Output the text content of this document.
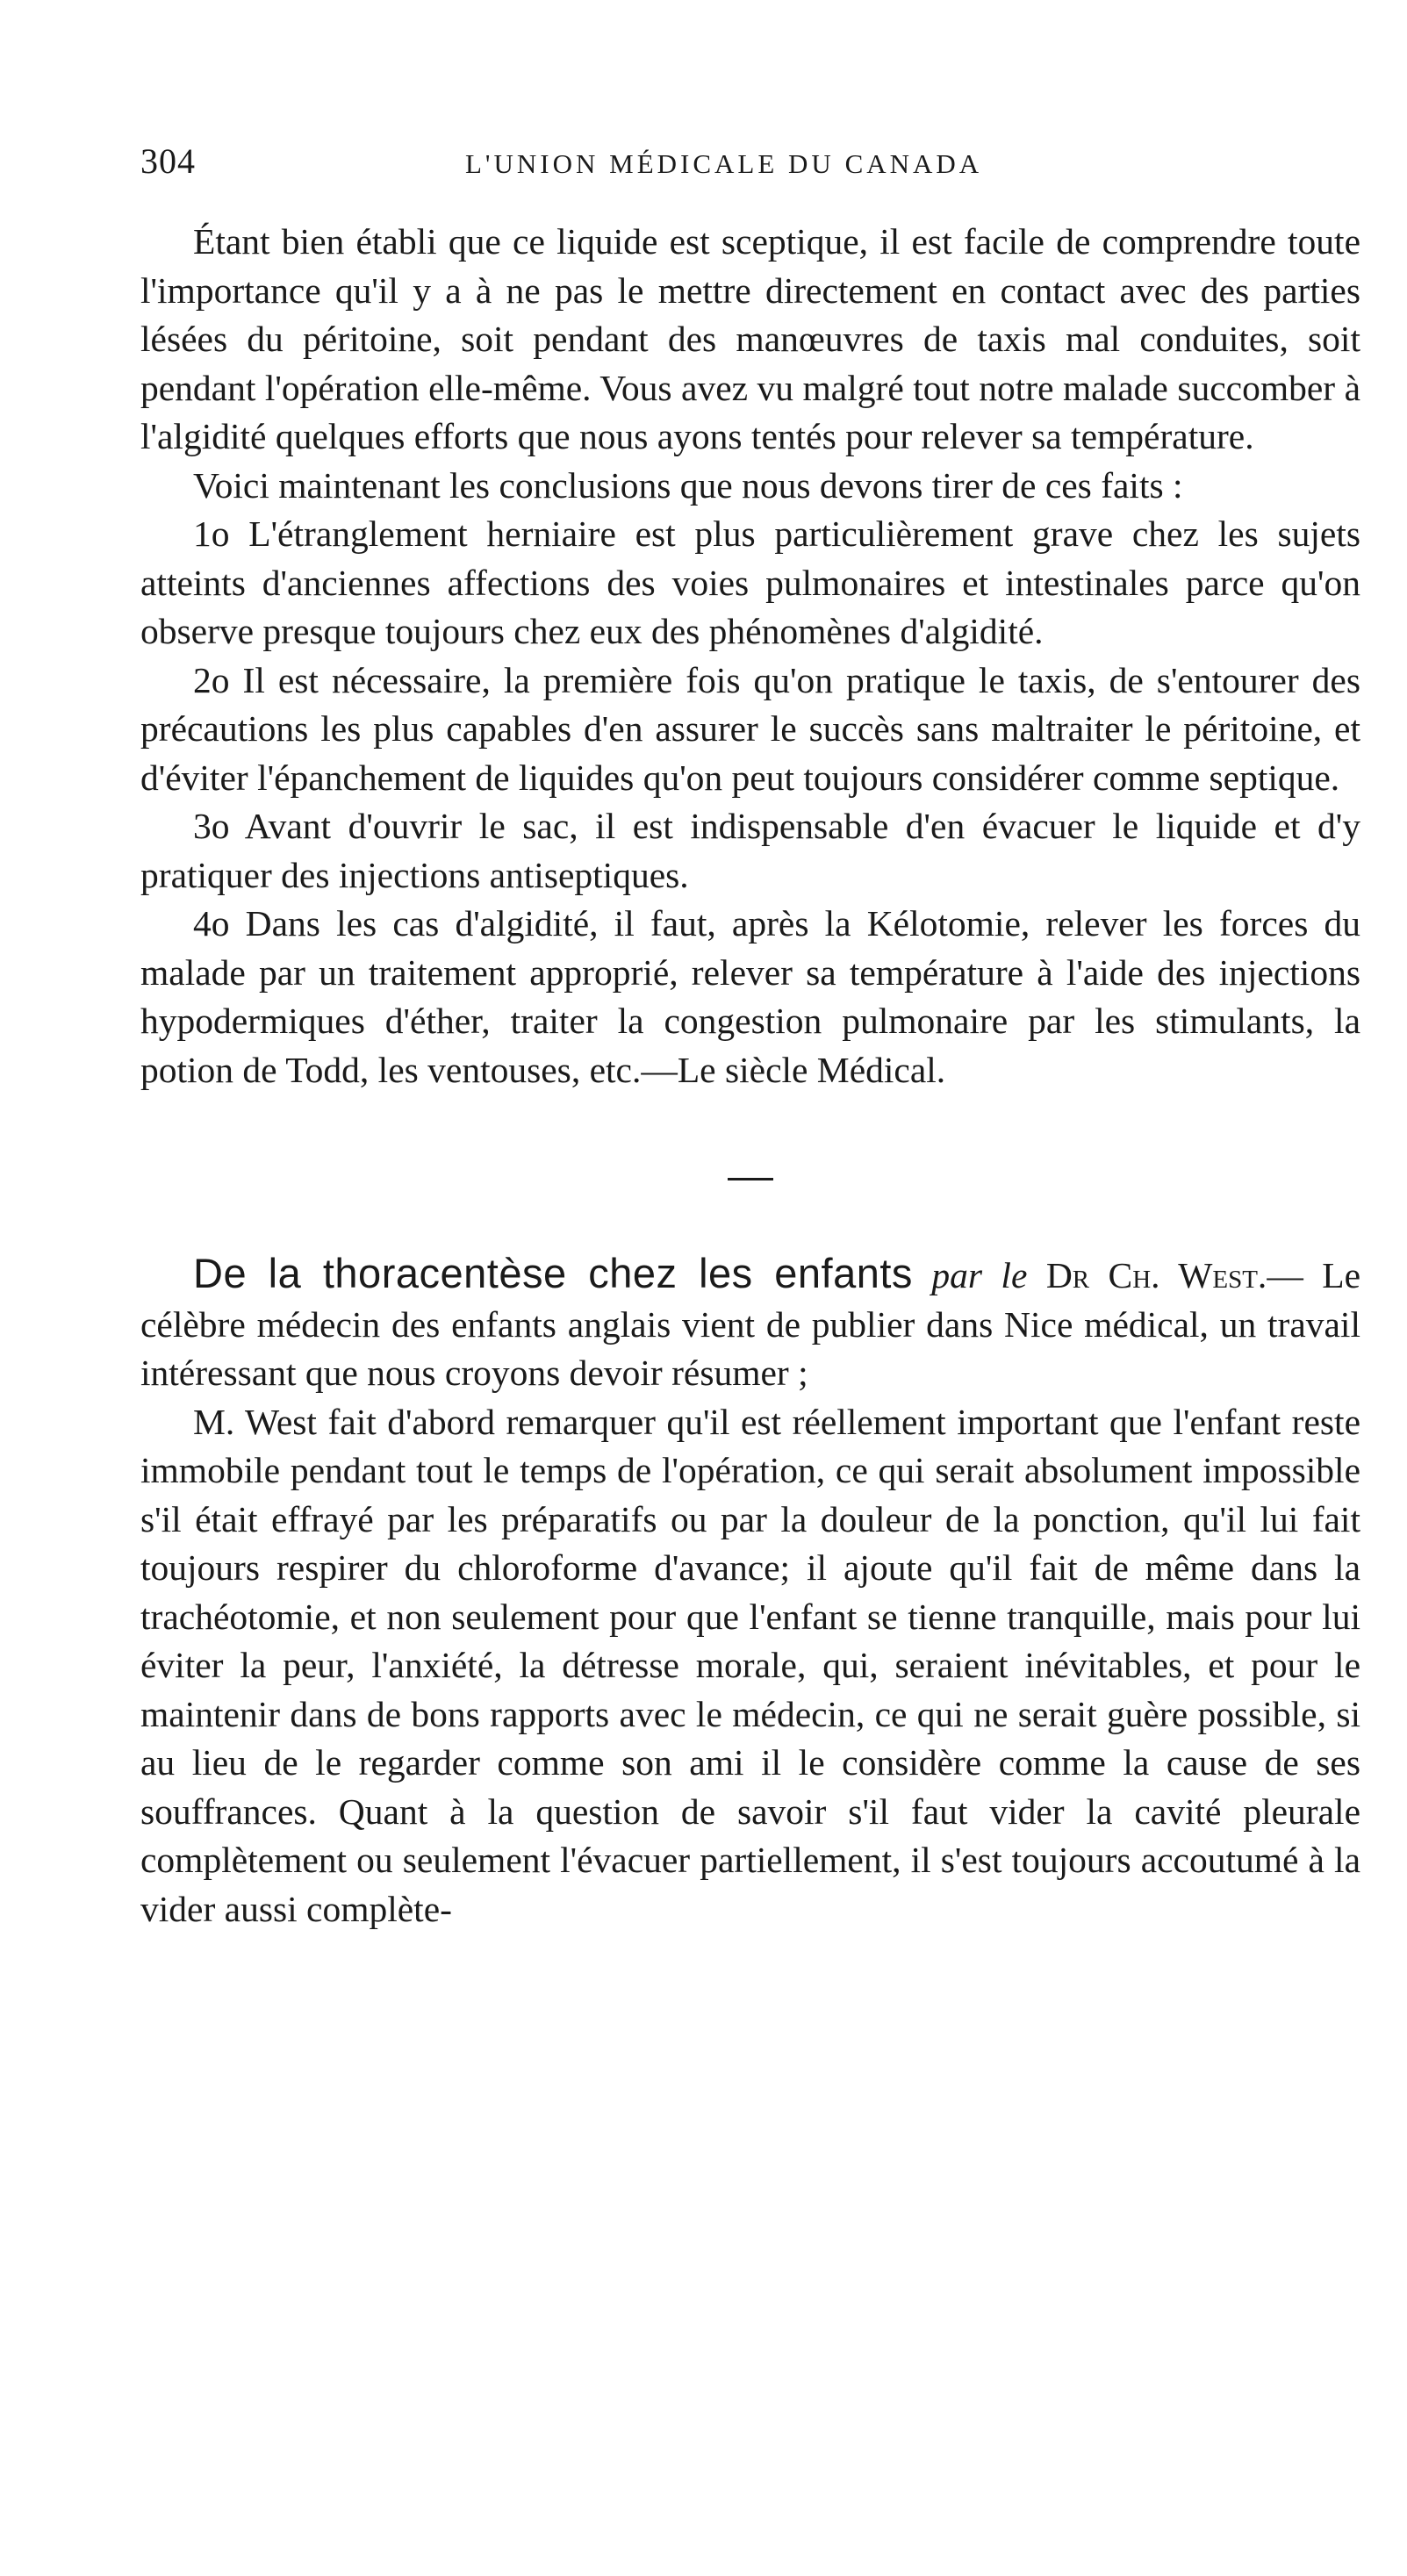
304	L'UNION MÉDICALE DU CANADA

Étant bien établi que ce liquide est sceptique, il est facile de comprendre toute l'importance qu'il y a à ne pas le mettre directement en contact avec des parties lésées du péritoine, soit pendant des manœuvres de taxis mal conduites, soit pendant l'opération elle-même. Vous avez vu malgré tout notre malade succomber à l'algidité quelques efforts que nous ayons tentés pour relever sa température.

Voici maintenant les conclusions que nous devons tirer de ces faits :

1o L'étranglement herniaire est plus particulièrement grave chez les sujets atteints d'anciennes affections des voies pulmonaires et intestinales parce qu'on observe presque toujours chez eux des phénomènes d'algidité.

2o Il est nécessaire, la première fois qu'on pratique le taxis, de s'entourer des précautions les plus capables d'en assurer le succès sans maltraiter le péritoine, et d'éviter l'épanchement de liquides qu'on peut toujours considérer comme septique.

3o Avant d'ouvrir le sac, il est indispensable d'en évacuer le liquide et d'y pratiquer des injections antiseptiques.

4o Dans les cas d'algidité, il faut, après la Kélotomie, relever les forces du malade par un traitement approprié, relever sa température à l'aide des injections hypodermiques d'éther, traiter la congestion pulmonaire par les stimulants, la potion de Todd, les ventouses, etc.—Le siècle Médical.

De la thoracentèse chez les enfants par le Dr Ch. West.— Le célèbre médecin des enfants anglais vient de publier dans Nice médical, un travail intéressant que nous croyons devoir résumer ;

M. West fait d'abord remarquer qu'il est réellement important que l'enfant reste immobile pendant tout le temps de l'opération, ce qui serait absolument impossible s'il était effrayé par les préparatifs ou par la douleur de la ponction, qu'il lui fait toujours respirer du chloroforme d'avance; il ajoute qu'il fait de même dans la trachéotomie, et non seulement pour que l'enfant se tienne tranquille, mais pour lui éviter la peur, l'anxiété, la détresse morale, qui, seraient inévitables, et pour le maintenir dans de bons rapports avec le médecin, ce qui ne serait guère possible, si au lieu de le regarder comme son ami il le considère comme la cause de ses souffrances. Quant à la question de savoir s'il faut vider la cavité pleurale complètement ou seulement l'évacuer partiellement, il s'est toujours accoutumé à la vider aussi complète-
